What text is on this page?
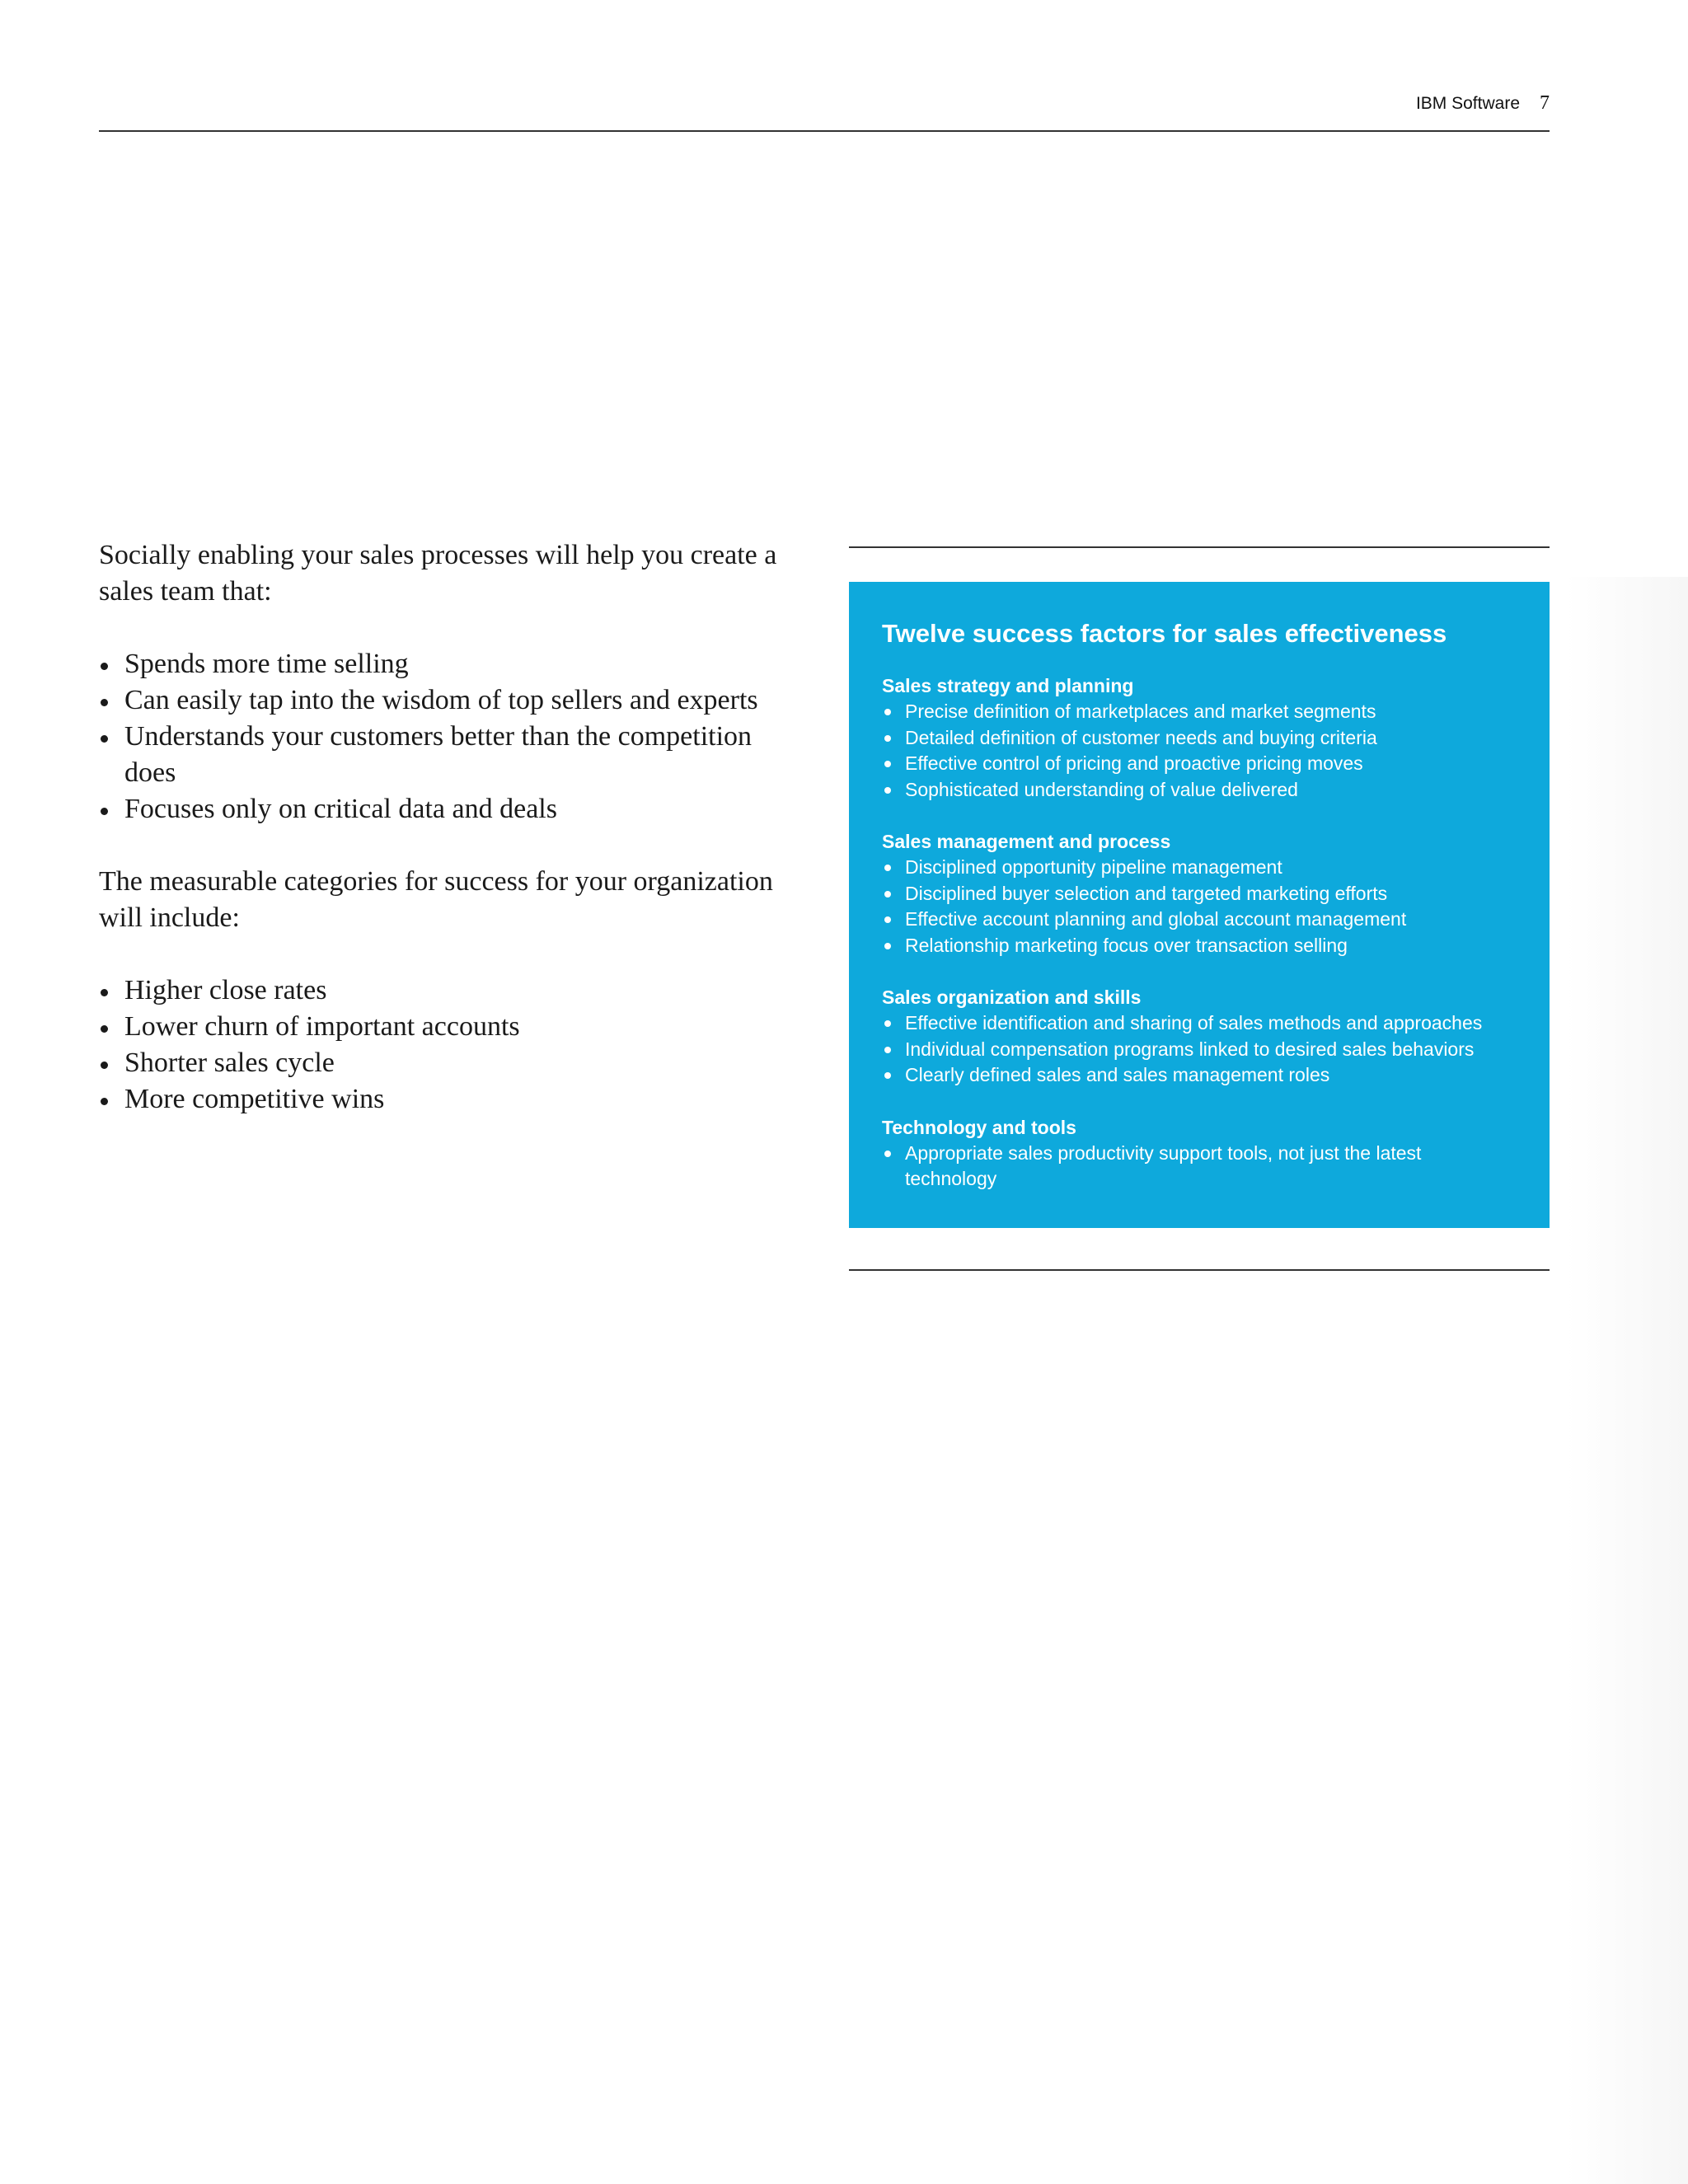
IBM Software 7

Socially enabling your sales processes will help you create a sales team that:

Spends more time selling
Can easily tap into the wisdom of top sellers and experts
Understands your customers better than the competition does
Focuses only on critical data and deals

The measurable categories for success for your organization will include:

Higher close rates
Lower churn of important accounts
Shorter sales cycle
More competitive wins
Twelve success factors for sales effectiveness
Sales strategy and planning
Precise definition of marketplaces and market segments
Detailed definition of customer needs and buying criteria
Effective control of pricing and proactive pricing moves
Sophisticated understanding of value delivered
Sales management and process
Disciplined opportunity pipeline management
Disciplined buyer selection and targeted marketing efforts
Effective account planning and global account management
Relationship marketing focus over transaction selling
Sales organization and skills
Effective identification and sharing of sales methods and approaches
Individual compensation programs linked to desired sales behaviors
Clearly defined sales and sales management roles
Technology and tools
Appropriate sales productivity support tools, not just the latest technology
